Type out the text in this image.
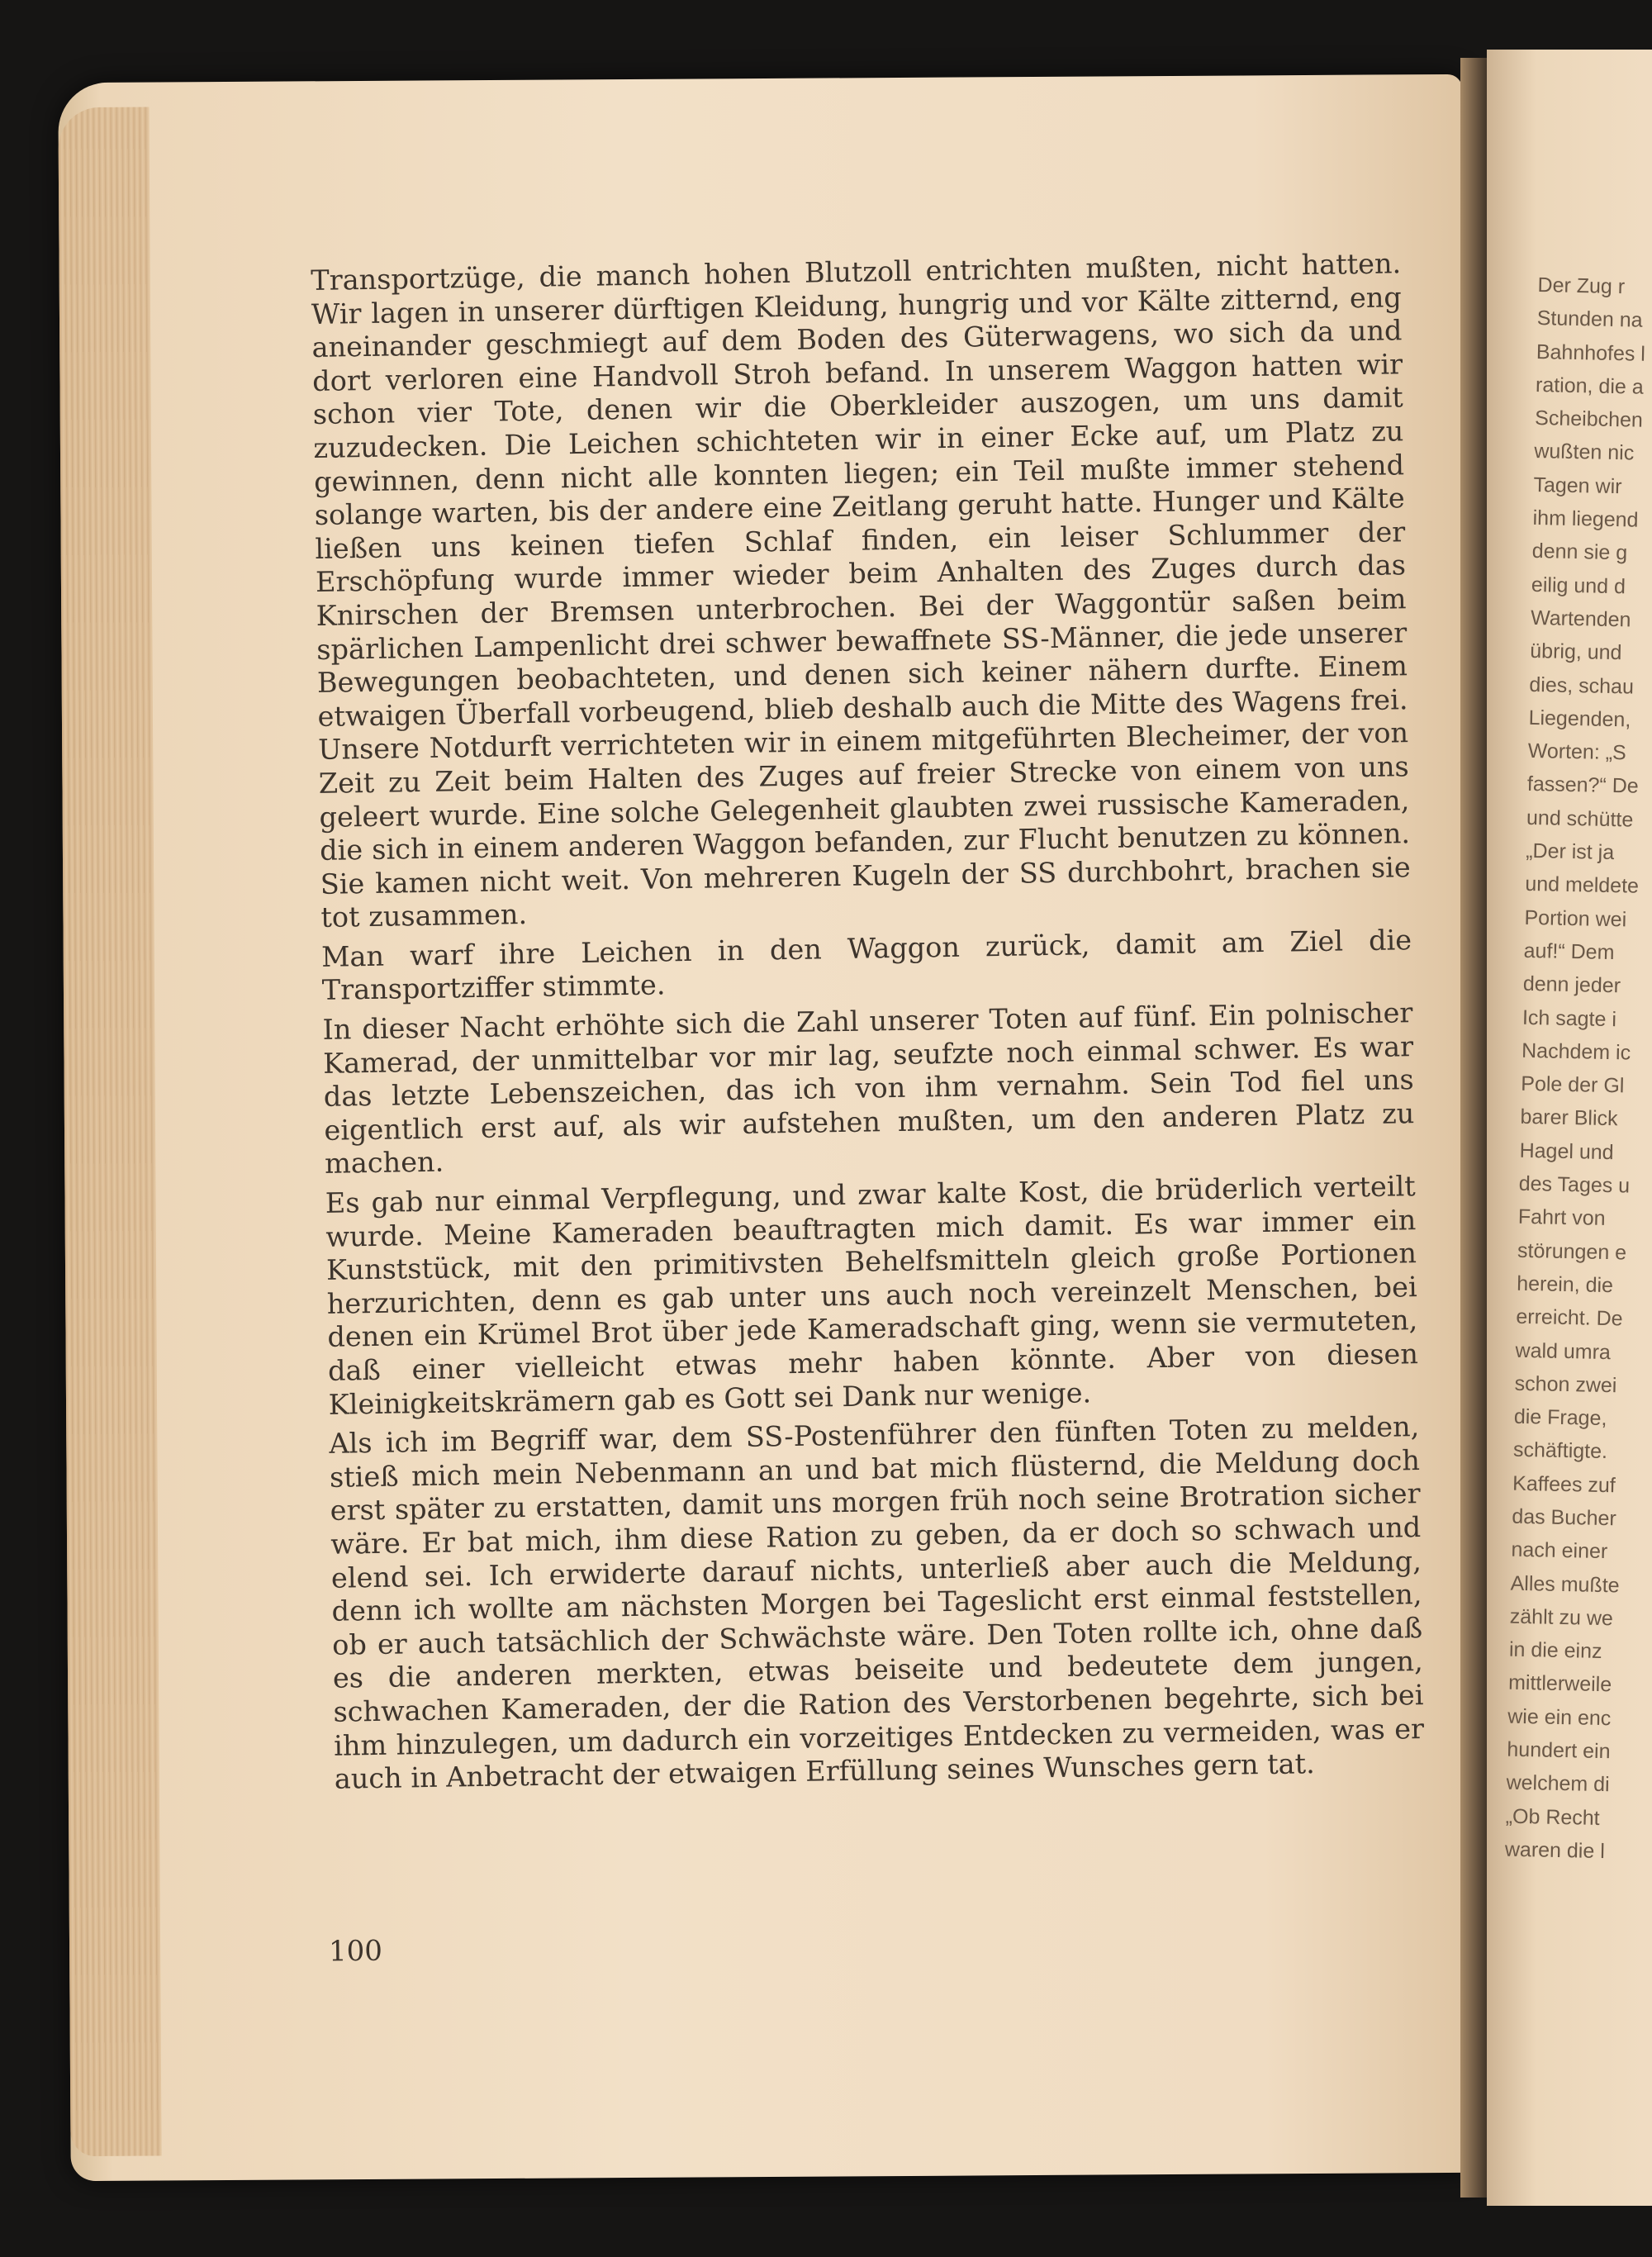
Transportzüge, die manch hohen Blutzoll entrichten mußten, nicht hatten. Wir lagen in unserer dürftigen Kleidung, hungrig und vor Kälte zitternd, eng aneinander geschmiegt auf dem Boden des Güterwagens, wo sich da und dort verloren eine Handvoll Stroh befand. In unserem Waggon hatten wir schon vier Tote, denen wir die Oberkleider auszogen, um uns damit zuzudecken. Die Leichen schichteten wir in einer Ecke auf, um Platz zu gewinnen, denn nicht alle konnten liegen; ein Teil mußte immer stehend solange warten, bis der andere eine Zeitlang geruht hatte. Hunger und Kälte ließen uns keinen tiefen Schlaf finden, ein leiser Schlummer der Erschöpfung wurde immer wieder beim Anhalten des Zuges durch das Knirschen der Bremsen unterbrochen. Bei der Waggontür saßen beim spärlichen Lampenlicht drei schwer bewaffnete SS-Männer, die jede unserer Bewegungen beobachteten, und denen sich keiner nähern durfte. Einem etwaigen Überfall vorbeugend, blieb deshalb auch die Mitte des Wagens frei. Unsere Notdurft verrichteten wir in einem mitgeführten Blecheimer, der von Zeit zu Zeit beim Halten des Zuges auf freier Strecke von einem von uns geleert wurde. Eine solche Gelegenheit glaubten zwei russische Kameraden, die sich in einem anderen Waggon befanden, zur Flucht benutzen zu können. Sie kamen nicht weit. Von mehreren Kugeln der SS durchbohrt, brachen sie tot zusammen.

Man warf ihre Leichen in den Waggon zurück, damit am Ziel die Transportziffer stimmte.

In dieser Nacht erhöhte sich die Zahl unserer Toten auf fünf. Ein polnischer Kamerad, der unmittelbar vor mir lag, seufzte noch einmal schwer. Es war das letzte Lebenszeichen, das ich von ihm vernahm. Sein Tod fiel uns eigentlich erst auf, als wir aufstehen mußten, um den anderen Platz zu machen.

Es gab nur einmal Verpflegung, und zwar kalte Kost, die brüderlich verteilt wurde. Meine Kameraden beauftragten mich damit. Es war immer ein Kunststück, mit den primitivsten Behelfsmitteln gleich große Portionen herzurichten, denn es gab unter uns auch noch vereinzelt Menschen, bei denen ein Krümel Brot über jede Kameradschaft ging, wenn sie vermuteten, daß einer vielleicht etwas mehr haben könnte. Aber von diesen Kleinigkeitskrämern gab es Gott sei Dank nur wenige.

Als ich im Begriff war, dem SS-Postenführer den fünften Toten zu melden, stieß mich mein Nebenmann an und bat mich flüsternd, die Meldung doch erst später zu erstatten, damit uns morgen früh noch seine Brotration sicher wäre. Er bat mich, ihm diese Ration zu geben, da er doch so schwach und elend sei. Ich erwiderte darauf nichts, unterließ aber auch die Meldung, denn ich wollte am nächsten Morgen bei Tageslicht erst einmal feststellen, ob er auch tatsächlich der Schwächste wäre. Den Toten rollte ich, ohne daß es die anderen merkten, etwas beiseite und bedeutete dem jungen, schwachen Kameraden, der die Ration des Verstorbenen begehrte, sich bei ihm hinzulegen, um dadurch ein vorzeitiges Entdecken zu vermeiden, was er auch in Anbetracht der etwaigen Erfüllung seines Wunsches gern tat.

100
Der Zug r
Stunden na
Bahnhofes l
ration, die a
Scheibchen
wußten nic
Tagen wir
ihm liegend
denn sie g
eilig und d
Wartenden
übrig, und
dies, schau
Liegenden,
Worten: „S
fassen?“ De
und schütte
„Der ist ja
und meldete
Portion wei
auf!“ Dem
denn jeder
Ich sagte i
Nachdem ic
Pole der Gl
barer Blick
Hagel und
des Tages u
Fahrt von
störungen e
herein, die
erreicht. De
wald umra
schon zwei
die Frage,
schäftigte.
Kaffees zuf
das Bucher
nach einer
Alles mußte
zählt zu we
in die einz
mittlerweile
wie ein enc
hundert ein
welchem di
„Ob Recht
waren die l
